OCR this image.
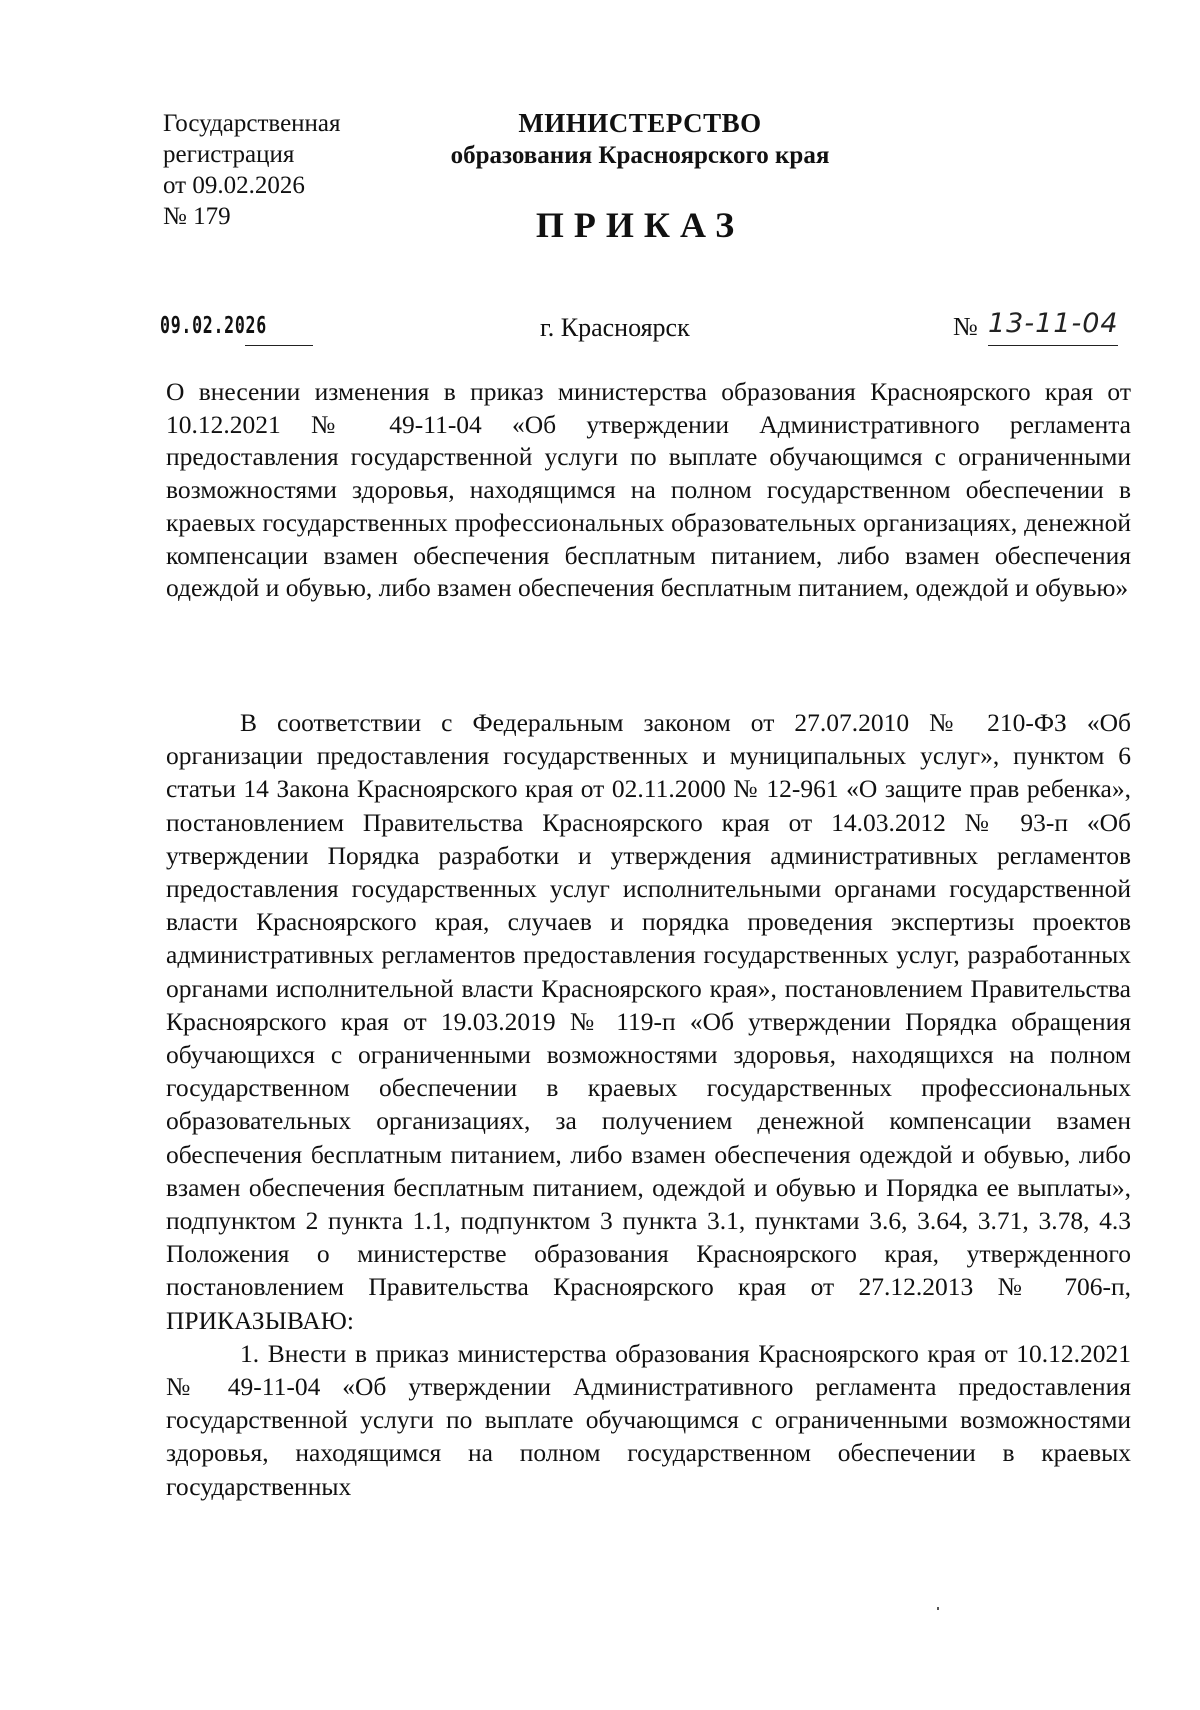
Государственная
регистрация
от 09.02.2026
№ 179
МИНИСТЕРСТВО
образования Красноярского края
ПРИКАЗ
09.02.2026	г. Красноярск	№ 13-11-04
О внесении изменения в приказ министерства образования Красноярского края от 10.12.2021 № 49-11-04 «Об утверждении Административного регламента предоставления государственной услуги по выплате обучающимся с ограниченными возможностями здоровья, находящимся на полном государственном обеспечении в краевых государственных профессиональных образовательных организациях, денежной компенсации взамен обеспечения бесплатным питанием, либо взамен обеспечения одеждой и обувью, либо взамен обеспечения бесплатным питанием, одеждой и обувью»

В соответствии с Федеральным законом от 27.07.2010 № 210-ФЗ «Об организации предоставления государственных и муниципальных услуг», пунктом 6 статьи 14 Закона Красноярского края от 02.11.2000 № 12-961 «О защите прав ребенка», постановлением Правительства Красноярского края от 14.03.2012 № 93-п «Об утверждении Порядка разработки и утверждения административных регламентов предоставления государственных услуг исполнительными органами государственной власти Красноярского края, случаев и порядка проведения экспертизы проектов административных регламентов предоставления государственных услуг, разработанных органами исполнительной власти Красноярского края», постановлением Правительства Красноярского края от 19.03.2019 № 119-п «Об утверждении Порядка обращения обучающихся с ограниченными возможностями здоровья, находящихся на полном государственном обеспечении в краевых государственных профессиональных образовательных организациях, за получением денежной компенсации взамен обеспечения бесплатным питанием, либо взамен обеспечения одеждой и обувью, либо взамен обеспечения бесплатным питанием, одеждой и обувью и Порядка ее выплаты», подпунктом 2 пункта 1.1, подпунктом 3 пункта 3.1, пунктами 3.6, 3.64, 3.71, 3.78, 4.3 Положения о министерстве образования Красноярского края, утвержденного постановлением Правительства Красноярского края от 27.12.2013 № 706-п, ПРИКАЗЫВАЮ:

1. Внести в приказ министерства образования Красноярского края от 10.12.2021 № 49-11-04 «Об утверждении Административного регламента предоставления государственной услуги по выплате обучающимся с ограниченными возможностями здоровья, находящимся на полном государственном обеспечении в краевых государственных
